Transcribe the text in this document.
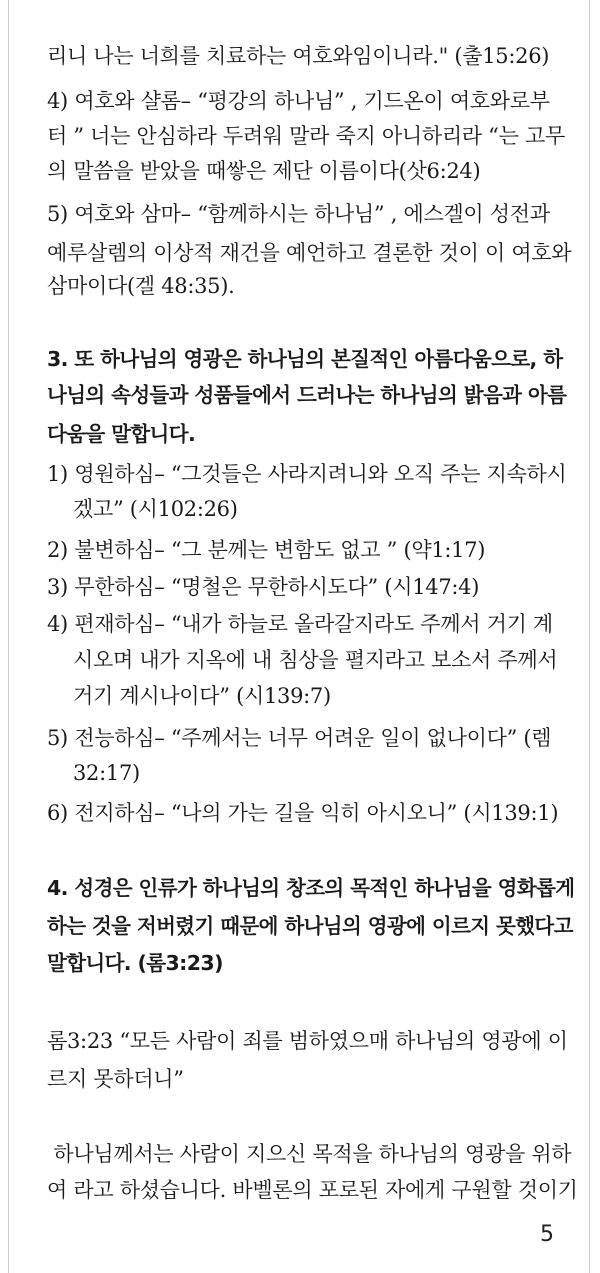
리니 나는 너희를 치료하는 여호와임이니라." (출15:26)
4) 여호와 샬롬– “평강의 하나님” , 기드온이 여호와로부
터 ” 너는 안심하라 두려워 말라 죽지 아니하리라 “는 고무
의 말씀을 받았을 때쌓은 제단 이름이다(삿6:24)
5) 여호와 삼마– “함께하시는 하나님” , 에스겔이 성전과
예루살렘의 이상적 재건을 예언하고 결론한 것이 이 여호와
삼마이다(겔 48:35).
3. 또 하나님의 영광은 하나님의 본질적인 아름다움으로, 하
나님의 속성들과 성품들에서 드러나는 하나님의 밝음과 아름
다움을 말합니다.
1) 영원하심– “그것들은 사라지려니와 오직 주는 지속하시
겠고” (시102:26)
2) 불변하심– “그 분께는 변함도 없고 ” (약1:17)
3) 무한하심– “명철은 무한하시도다” (시147:4)
4) 편재하심– “내가 하늘로 올라갈지라도 주께서 거기 계
시오며 내가 지옥에 내 침상을 펼지라고 보소서 주께서
거기 계시나이다” (시139:7)
5) 전능하심– “주께서는 너무 어려운 일이 없나이다” (렘
32:17)
6) 전지하심– “나의 가는 길을 익히 아시오니” (시139:1)
4. 성경은 인류가 하나님의 창조의 목적인 하나님을 영화롭게
하는 것을 저버렸기 때문에 하나님의 영광에 이르지 못했다고
말합니다. (롬3:23)
롬3:23 “모든 사람이 죄를 범하였으매 하나님의 영광에 이
르지 못하더니”
하나님께서는 사람이 지으신 목적을 하나님의 영광을 위하
여 라고 하셨습니다. 바벨론의 포로된 자에게 구원할 것이기
5
